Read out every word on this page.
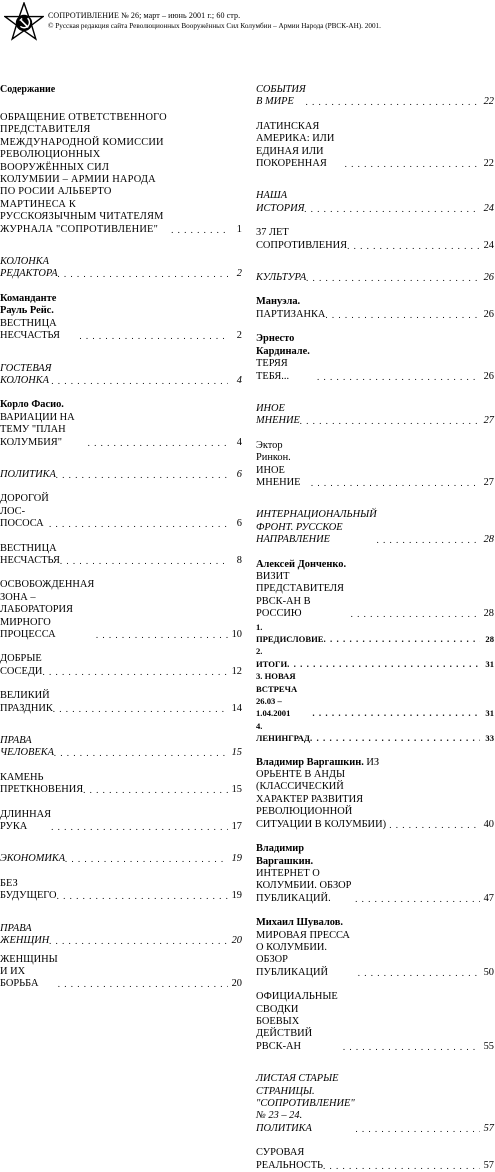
СОПРОТИВЛЕНИЕ № 26; март – июнь 2001 г.; 60 стр.
© Русская редакция сайта Революционных Вооружённых Сил Колумбии – Армии Народа (РВСК-АН). 2001.
Содержание
ОБРАЩЕНИЕ ОТВЕТСТВЕННОГО ПРЕДСТАВИТЕЛЯ МЕЖДУНАРОДНОЙ КОМИССИИ РЕВОЛЮЦИОННЫХ ВООРУЖЁННЫХ СИЛ КОЛУМБИИ – АРМИИ НАРОДА ПО РОСИИ АЛЬБЕРТО МАРТИНЕСА К РУССКОЯЗЫЧНЫМ ЧИТАТЕЛЯМ ЖУРНАЛА "СОПРОТИВЛЕНИЕ" . . .	1
КОЛОНКА РЕДАКТОРА . . .	2
Команданте Рауль Рейс. ВЕСТНИЦА НЕСЧАСТЬЯ . . .	2
ГОСТЕВАЯ КОЛОНКА . . .	4
Корло Фасио. ВАРИАЦИИ НА ТЕМУ "ПЛАН КОЛУМБИЯ" . . .	4
ПОЛИТИКА . . .	6
ДОРОГОЙ ЛОС-ПОСОСА . . .	6
ВЕСТНИЦА НЕСЧАСТЬЯ . . .	8
ОСВОБОЖДЕННАЯ ЗОНА – ЛАБОРАТОРИЯ МИРНОГО ПРОЦЕССА . . .	10
ДОБРЫЕ СОСЕДИ . . .	12
ВЕЛИКИЙ ПРАЗДНИК . . .	14
ПРАВА ЧЕЛОВЕКА . . .	15
КАМЕНЬ ПРЕТКНОВЕНИЯ . . .	15
ДЛИННАЯ РУКА . . .	17
ЭКОНОМИКА . . .	19
БЕЗ БУДУЩЕГО . . .	19
ПРАВА ЖЕНЩИН . . .	20
ЖЕНЩИНЫ И ИХ БОРЬБА . . .	20
СОБЫТИЯ В МИРЕ . . .	22
ЛАТИНСКАЯ АМЕРИКА: ИЛИ ЕДИНАЯ ИЛИ ПОКОРЕННАЯ . . .	22
НАША ИСТОРИЯ . . .	24
37 ЛЕТ СОПРОТИВЛЕНИЯ . . .	24
КУЛЬТУРА . . .	26
Мануэла. ПАРТИЗАНКА . . .	26
Эрнесто Кардинале. ТЕРЯЯ ТЕБЯ... . . .	26
ИНОЕ МНЕНИЕ . . .	27
Эктор Ринкон. ИНОЕ МНЕНИЕ . . .	27
ИНТЕРНАЦИОНАЛЬНЫЙ ФРОНТ. РУССКОЕ НАПРАВЛЕНИЕ . . .	28
Алексей Донченко. ВИЗИТ ПРЕДСТАВИТЕЛЯ РВСК-АН В РОССИЮ . . .	28
1. ПРЕДИСЛОВИЕ . . .	28
2. ИТОГИ . . .	31
3. НОВАЯ ВСТРЕЧА 26.03 – 1.04.2001 . . .	31
4. ЛЕНИНГРАД . . .	33
Владимир Варгашкин. ИЗ ОРЬЕНТЕ В АНДЫ (КЛАССИЧЕСКИЙ ХАРАКТЕР РАЗВИТИЯ РЕВОЛЮЦИОННОЙ СИТУАЦИИ В КОЛУМБИИ) . . .	40
Владимир Варгашкин. ИНТЕРНЕТ О КОЛУМБИИ. ОБЗОР ПУБЛИКАЦИЙ. . . .	47
Михаил Шувалов. МИРОВАЯ ПРЕССА О КОЛУМБИИ. ОБЗОР ПУБЛИКАЦИЙ . . .	50
ОФИЦИАЛЬНЫЕ СВОДКИ БОЕВЫХ ДЕЙСТВИЙ РВСК-АН . . .	55
ЛИСТАЯ СТАРЫЕ СТРАНИЦЫ. "СОПРОТИВЛЕНИЕ" № 23 – 24. ПОЛИТИКА . . .	57
СУРОВАЯ РЕАЛЬНОСТЬ . . .	57
